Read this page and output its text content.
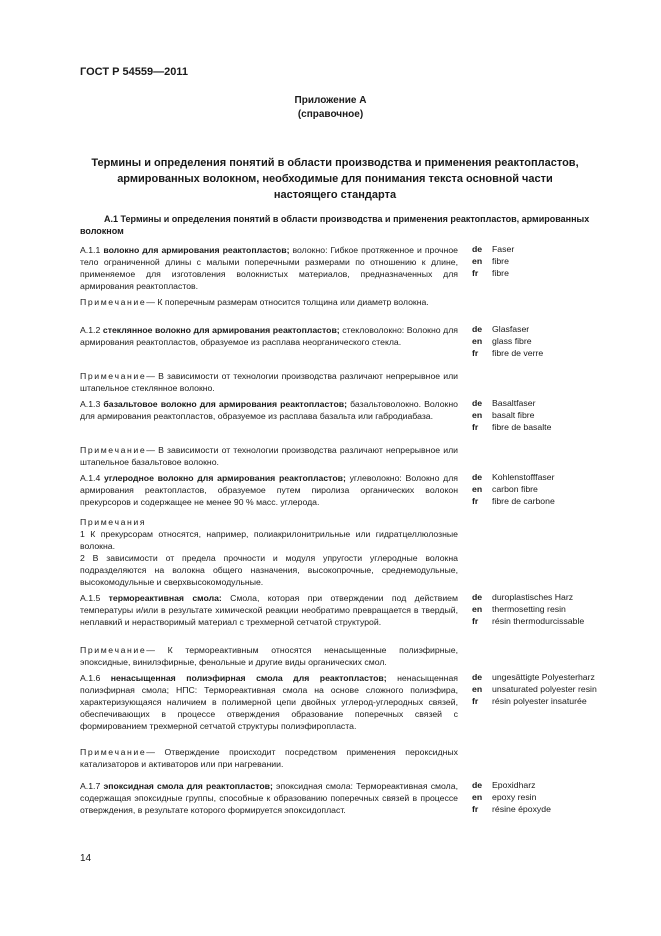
ГОСТ Р 54559—2011
Приложение А
(справочное)
Термины и определения понятий в области производства и применения реактопластов, армированных волокном, необходимые для понимания текста основной части настоящего стандарта
А.1 Термины и определения понятий в области производства и применения реактопластов, армированных волокном

А.1.1 волокно для армирования реактопластов; волокно: Гибкое протяженное и прочное тело ограниченной длины с малыми поперечными размерами по отношению к длине, применяемое для изготовления волокнистых материалов, предназначенных для армирования реактопластов.

de	Faser
en	fibre
fr	fibre

Примечание— К поперечным размерам относится толщина или диаметр волокна.

А.1.2 стеклянное волокно для армирования реактопластов; стекловолокно: Волокно для армирования реактопластов, образуемое из расплава неорганического стекла.

de	Glasfaser
en	glass fibre
fr	fibre de verre

Примечание— В зависимости от технологии производства различают непрерывное или штапельное стеклянное волокно.

А.1.3 базальтовое волокно для армирования реактопластов; базальтоволокно. Волокно для армирования реактопластов, образуемое из расплава базальта или габродиабаза.

de	Basaltfaser
en	basalt fibre
fr	fibre de basalte

Примечание— В зависимости от технологии производства различают непрерывное или штапельное базальтовое волокно.

А.1.4 углеродное волокно для армирования реактопластов; углеволокно: Волокно для армирования реактопластов, образуемое путем пиролиза органических волокон прекурсоров и содержащее не менее 90 % масс. углерода.

de	Kohlenstofffaser
en	carbon fibre
fr	fibre de carbone
Примечания
1 К прекурсорам относятся, например, полиакрилонитрильные или гидратцеллюлозные волокна.
2 В зависимости от предела прочности и модуля упругости углеродные волокна подразделяются на волокна общего назначения, высокопрочные, среднемодульные, высокомодульные и сверхвысокомодульные.

А.1.5 термореактивная смола: Смола, которая при отверждении под действием температуры и/или в результате химической реакции необратимо превращается в твердый, неплавкий и нерастворимый материал с трехмерной сетчатой структурой.

de	duroplastisches Harz
en	thermosetting resin
fr	résin thermodurcissable

Примечание— К термореактивным относятся ненасыщенные полиэфирные, эпоксидные, винилэфирные, фенольные и другие виды органических смол.

А.1.6 ненасыщенная полиэфирная смола для реактопластов; ненасыщенная полиэфирная смола; НПС: Термореактивная смола на основе сложного полиэфира, характеризующаяся наличием в полимерной цепи двойных углерод-углеродных связей, обеспечивающих в процессе отверждения образование поперечных связей с формированием трехмерной сетчатой структуры полиэфиропласта.

de	ungesättigte Polyesterharz
en	unsaturated polyester resin
fr	résin polyester insaturée

Примечание— Отверждение происходит посредством применения пероксидных катализаторов и активаторов или при нагревании.

А.1.7 эпоксидная смола для реактопластов; эпоксидная смола: Термореактивная смола, содержащая эпоксидные группы, способные к образованию поперечных связей в процессе отверждения, в результате которого формируется эпоксидопласт.

de	Epoxidharz
en	epoxy resin
fr	résine époxyde
14
